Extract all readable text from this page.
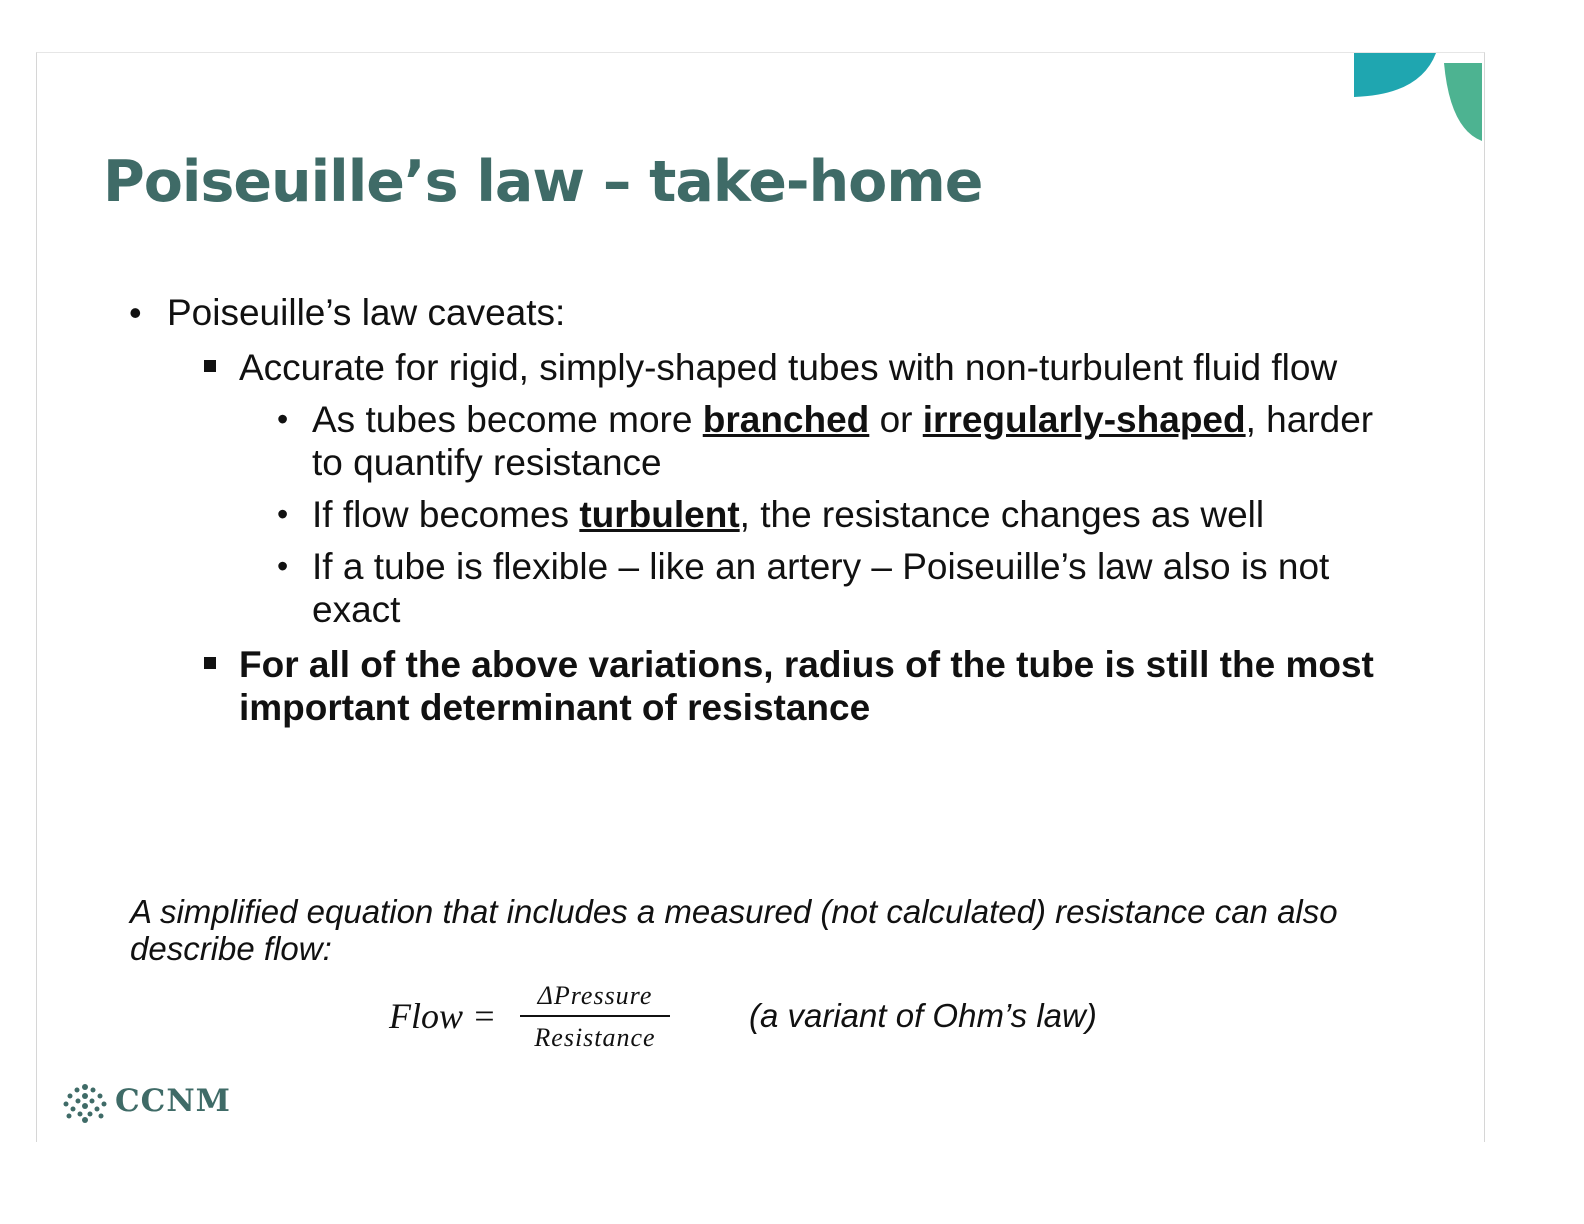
Poiseuille’s law – take-home

• Poiseuille’s law caveats:

Accurate for rigid, simply-shaped tubes with non-turbulent fluid flow

• As tubes become more branched or irregularly-shaped, harder to quantify resistance

• If flow becomes turbulent, the resistance changes as well

• If a tube is flexible – like an artery – Poiseuille’s law also is not exact

For all of the above variations, radius of the tube is still the most important determinant of resistance

A simplified equation that includes a measured (not calculated) resistance can also describe flow:

Flow =
ΔPressure
Resistance
(a variant of Ohm’s law)
CCNM
